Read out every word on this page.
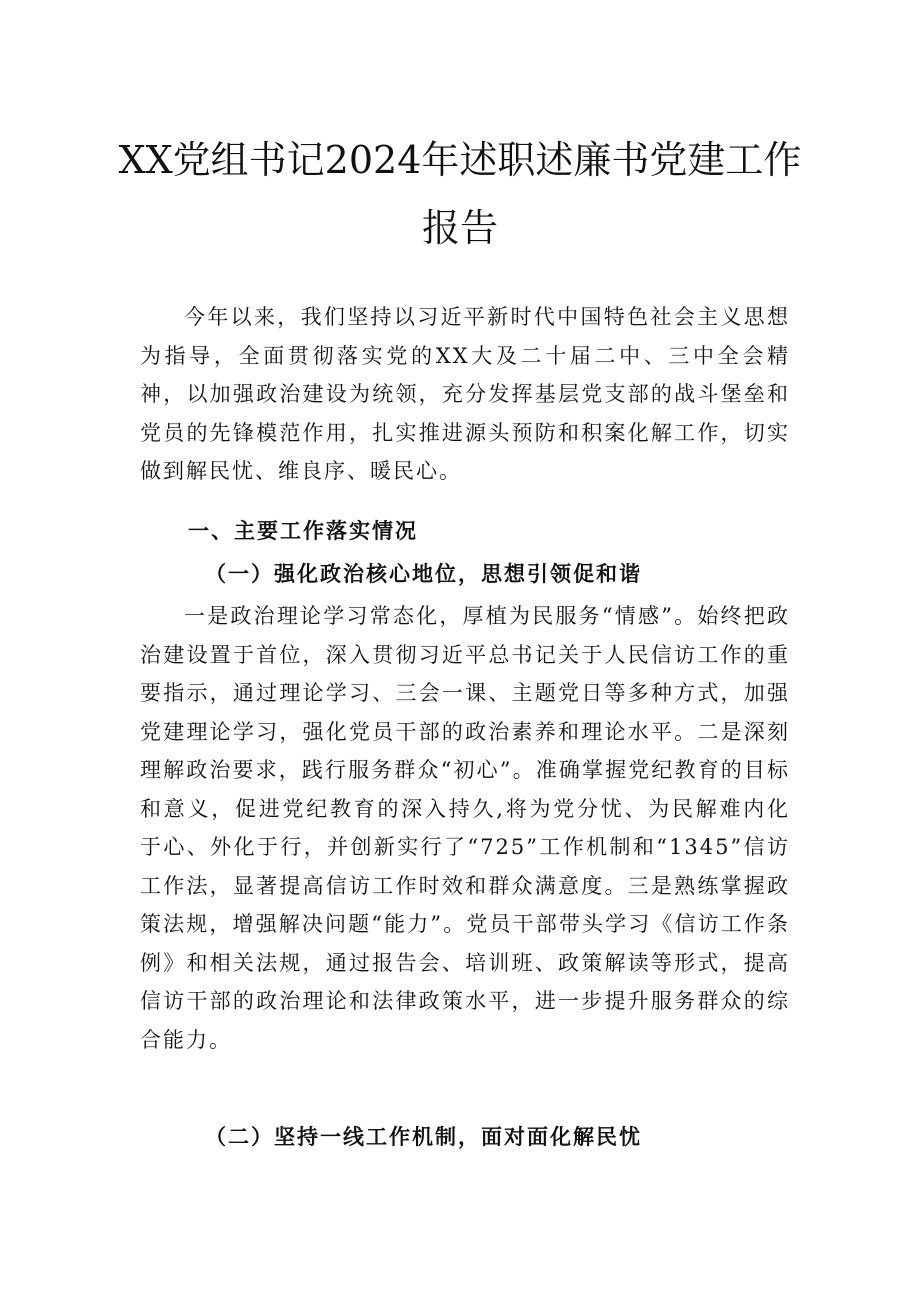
XX党组书记2024年述职述廉书党建工作
报告

今年以来，我们坚持以习近平新时代中国特色社会主义思想为指导，全面贯彻落实党的XX大及二十届二中、三中全会精神，以加强政治建设为统领，充分发挥基层党支部的战斗堡垒和党员的先锋模范作用，扎实推进源头预防和积案化解工作，切实做到解民忧、维良序、暖民心。

一、主要工作落实情况
（一）强化政治核心地位，思想引领促和谐

一是政治理论学习常态化，厚植为民服务“情感”。始终把政治建设置于首位，深入贯彻习近平总书记关于人民信访工作的重要指示，通过理论学习、三会一课、主题党日等多种方式，加强党建理论学习，强化党员干部的政治素养和理论水平。二是深刻理解政治要求，践行服务群众“初心”。准确掌握党纪教育的目标和意义，促进党纪教育的深入持久,将为党分忧、为民解难内化于心、外化于行，并创新实行了“725”工作机制和“1345”信访工作法，显著提高信访工作时效和群众满意度。三是熟练掌握政策法规，增强解决问题“能力”。党员干部带头学习《信访工作条例》和相关法规，通过报告会、培训班、政策解读等形式，提高信访干部的政治理论和法律政策水平，进一步提升服务群众的综合能力。

（二）坚持一线工作机制，面对面化解民忧
